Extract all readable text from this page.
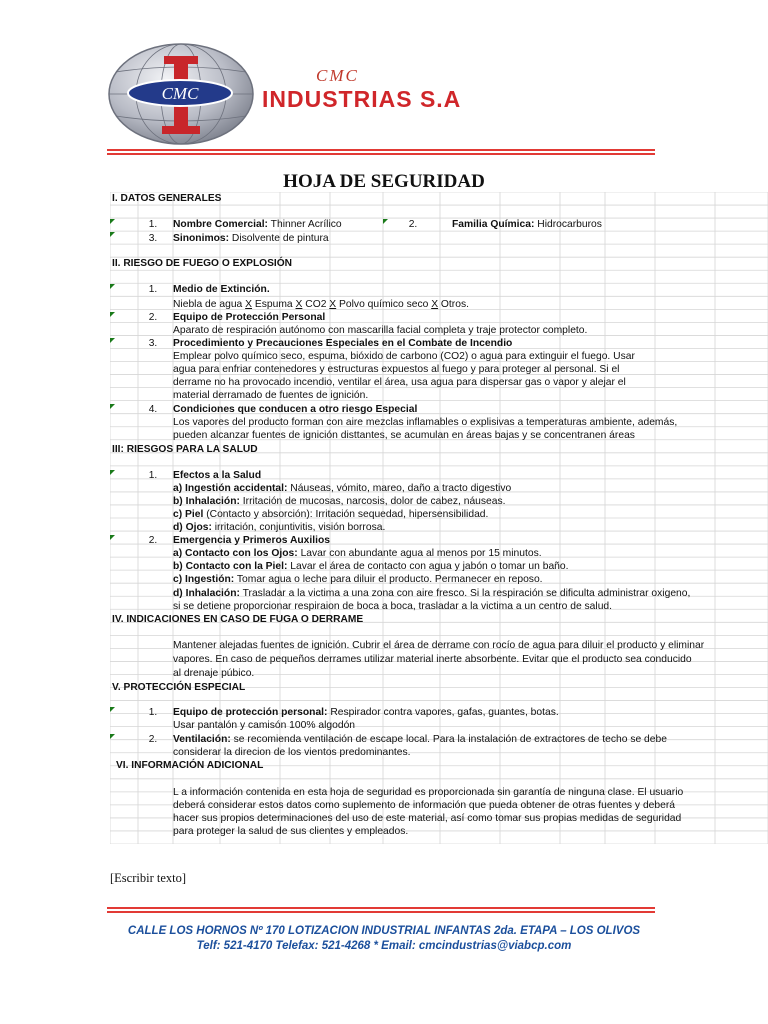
CMC
CMC
INDUSTRIAS S.A
HOJA DE SEGURIDAD
I. DATOS GENERALES
1.	Nombre Comercial: Thinner Acrílico	2.	Familia Química: Hidrocarburos
3.	Sinonimos: Disolvente de pintura
II. RIESGO DE FUEGO O EXPLOSIÓN
1.	Medio de Extinción.
Niebla de agua X Espuma X CO2 X Polvo químico seco X Otros.
2.	Equipo de Protección Personal
Aparato de respiración autónomo con mascarilla facial completa y traje protector completo.
3.	Procedimiento y Precauciones Especiales en el Combate de Incendio
Emplear polvo químico seco, espuma, bióxido de carbono (CO2) o agua para extinguir el fuego. Usar
agua para enfriar contenedores y estructuras expuestos al fuego y para proteger al personal. Si el
derrame no ha provocado incendio, ventilar el área, usa agua para dispersar gas o vapor y alejar el
material derramado de fuentes de ignición.
4.	Condiciones que conducen a otro riesgo Especial
Los vapores del producto forman con aire mezclas inflamables o explisivas a temperaturas ambiente, además,
pueden alcanzar fuentes de ignición disttantes, se acumulan en áreas bajas y se concentranen áreas
III: RIESGOS PARA LA SALUD
1.	Efectos a la Salud
a) Ingestión accidental: Náuseas, vómito, mareo, daño a tracto digestivo
b) Inhalación: Irritación de mucosas, narcosis, dolor de cabez, náuseas.
c) Piel (Contacto y absorción): Irritación sequedad, hipersensibilidad.
d) Ojos: irritación, conjuntivitis, visión borrosa.
2.	Emergencia y Primeros Auxilios
a) Contacto con los Ojos: Lavar con abundante agua al menos por 15 minutos.
b) Contacto con la Piel: Lavar el área de contacto con agua y jabón o tomar un baño.
c) Ingestión: Tomar agua o leche para diluir el producto. Permanecer en reposo.
d) Inhalación: Trasladar a la victima a una zona con aire fresco. Si la respiración se dificulta administrar oxigeno,
si se detiene proporcionar respiraion de boca a boca, trasladar a la victima a un centro de salud.
IV. INDICACIONES EN CASO DE FUGA O DERRAME
Mantener alejadas fuentes de ignición. Cubrir el área de derrame con rocío de agua para diluir el producto y eliminar
vapores. En caso de pequeños derrames utilizar material inerte absorbente. Evitar que el producto sea conducido
al drenaje púbico.
V. PROTECCIÓN ESPECIAL
1.	Equipo de protección personal: Respirador contra vapores, gafas, guantes, botas.
Usar pantalón y camisón 100% algodón
2.	Ventilación: se recomienda ventilación de escape local. Para la instalación de extractores de techo se debe
considerar la direcion de los vientos predominantes.
VI. INFORMACIÓN ADICIONAL
L a información contenida en esta hoja de seguridad es proporcionada sin garantía de ninguna clase. El usuario
deberá considerar estos datos como suplemento de información que pueda obtener de otras fuentes y deberá
hacer sus propios determinaciones del uso de este material, así como tomar sus propias medidas de seguridad
para proteger la salud de sus clientes y empleados.
[Escribir texto]
CALLE LOS HORNOS Nº 170 LOTIZACION INDUSTRIAL INFANTAS 2da. ETAPA – LOS OLIVOS
Telf: 521-4170 Telefax: 521-4268 * Email: cmcindustrias@viabcp.com
